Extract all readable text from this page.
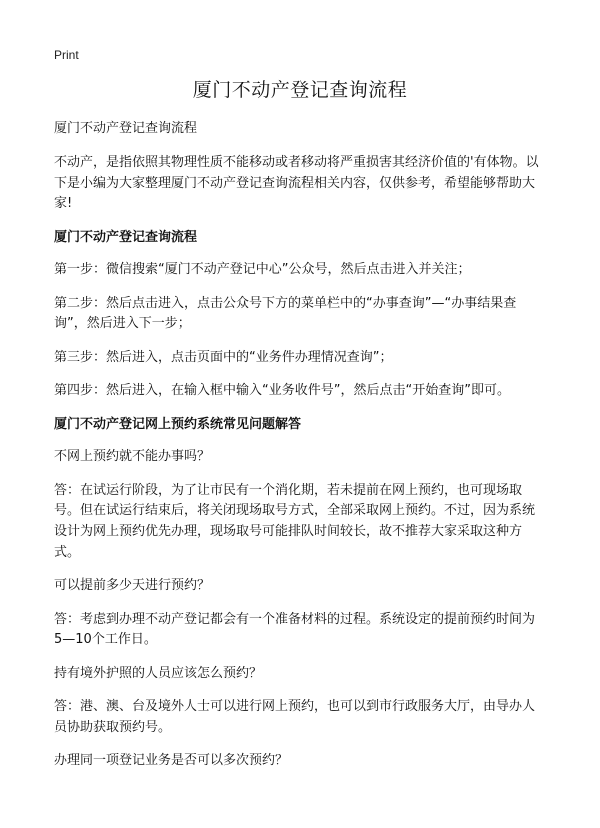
Print
厦门不动产登记查询流程
厦门不动产登记查询流程
不动产，是指依照其物理性质不能移动或者移动将严重损害其经济价值的'有体物。以下是小编为大家整理厦门不动产登记查询流程相关内容，仅供参考，希望能够帮助大家!
厦门不动产登记查询流程
第一步：微信搜索“厦门不动产登记中心”公众号，然后点击进入并关注；
第二步：然后点击进入，点击公众号下方的菜单栏中的“办事查询”—“办事结果查询”，然后进入下一步；
第三步：然后进入，点击页面中的“业务件办理情况查询”；
第四步：然后进入，在输入框中输入“业务收件号”，然后点击“开始查询”即可。
厦门不动产登记网上预约系统常见问题解答
不网上预约就不能办事吗？
答：在试运行阶段，为了让市民有一个消化期，若未提前在网上预约，也可现场取号。但在试运行结束后，将关闭现场取号方式，全部采取网上预约。不过，因为系统设计为网上预约优先办理，现场取号可能排队时间较长，故不推荐大家采取这种方式。
可以提前多少天进行预约？
答：考虑到办理不动产登记都会有一个准备材料的过程。系统设定的提前预约时间为5—10个工作日。
持有境外护照的人员应该怎么预约？
答：港、澳、台及境外人士可以进行网上预约，也可以到市行政服务大厅，由导办人员协助获取预约号。
办理同一项登记业务是否可以多次预约？
